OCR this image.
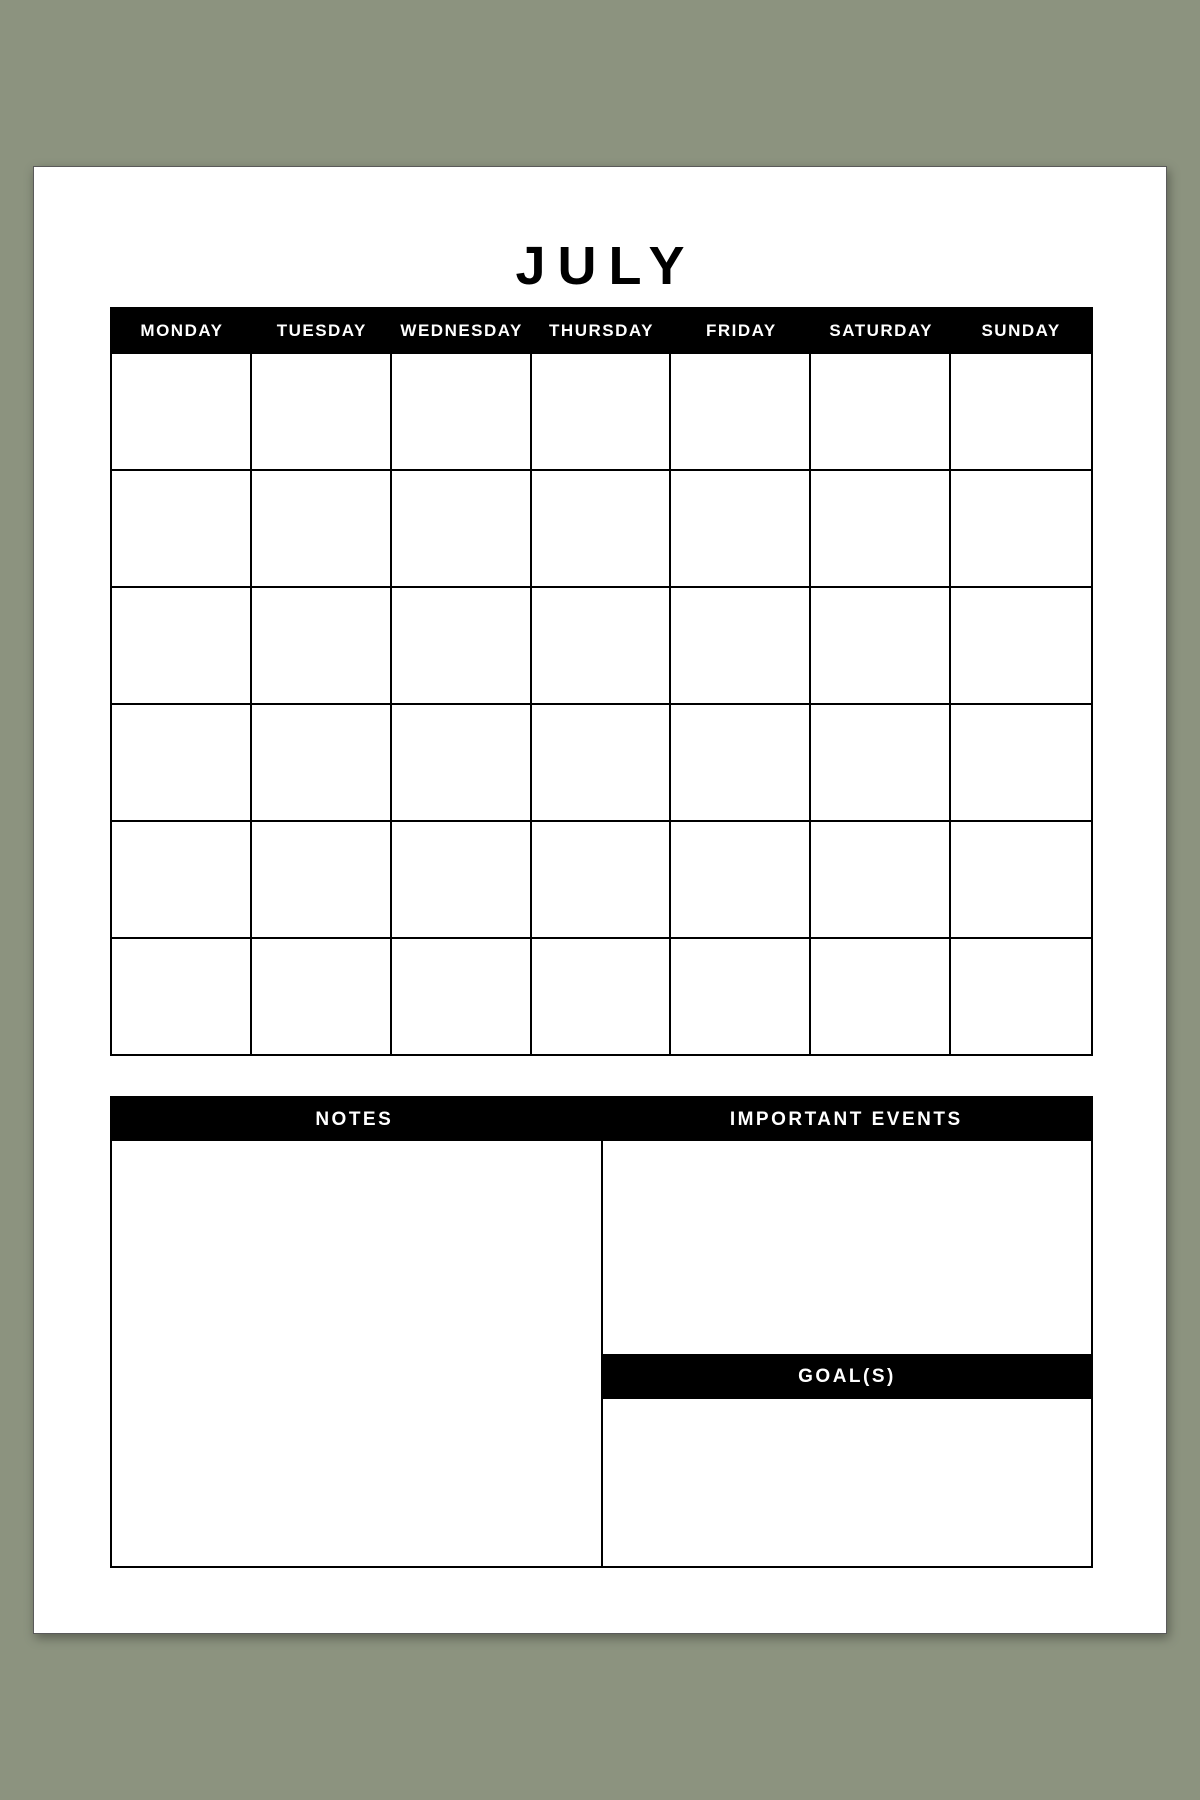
JULY
MONDAY	TUESDAY	WEDNESDAY	THURSDAY	FRIDAY	SATURDAY	SUNDAY
NOTES	IMPORTANT EVENTS
GOAL(S)
